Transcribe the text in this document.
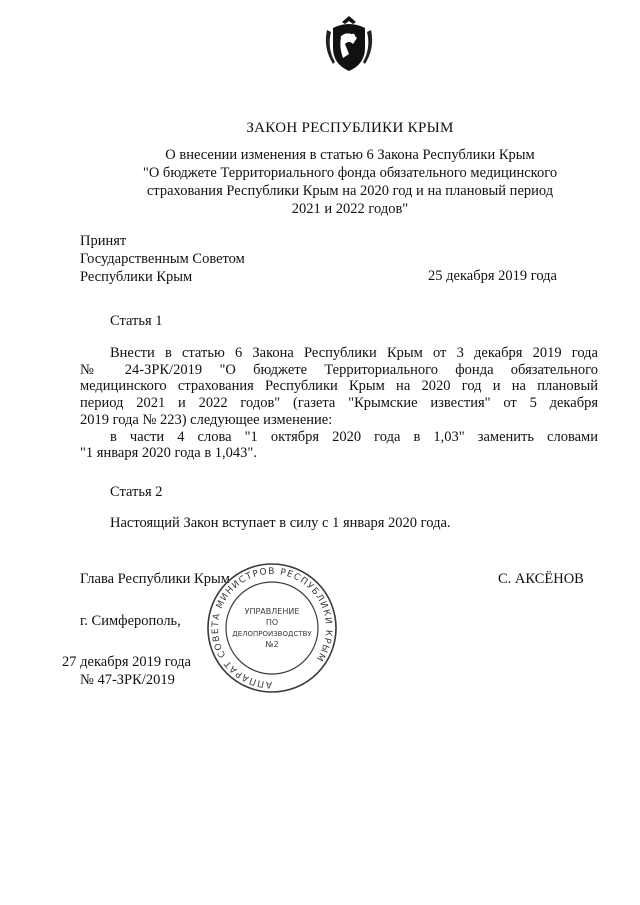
ЗАКОН РЕСПУБЛИКИ КРЫМ
О внесении изменения в статью 6 Закона Республики Крым
"О бюджете Территориального фонда обязательного медицинского
страхования Республики Крым на 2020 год и на плановый период
2021 и 2022 годов"
Принят
Государственным Советом
Республики Крым	25 декабря 2019 года
Статья 1
Внести в статью 6 Закона Республики Крым от 3 декабря 2019 года
№ 24-ЗРК/2019 "О бюджете Территориального фонда обязательного
медицинского страхования Республики Крым на 2020 год и на плановый
период 2021 и 2022 годов" (газета "Крымские известия" от 5 декабря
2019 года № 223) следующее изменение:
в части 4 слова "1 октября 2020 года в 1,03" заменить словами
"1 января 2020 года в 1,043".
Статья 2
Настоящий Закон вступает в силу с 1 января 2020 года.
Глава Республики Крым	С. АКСЁНОВ
г. Симферополь,
27 декабря 2019 года
№ 47-ЗРК/2019	АППАРАТ СОВЕТА МИНИСТРОВ РЕСПУБЛИКИ КРЫМ
УПРАВЛЕНИЕ
ПО
ДЕЛОПРОИЗВОДСТВУ
№2
